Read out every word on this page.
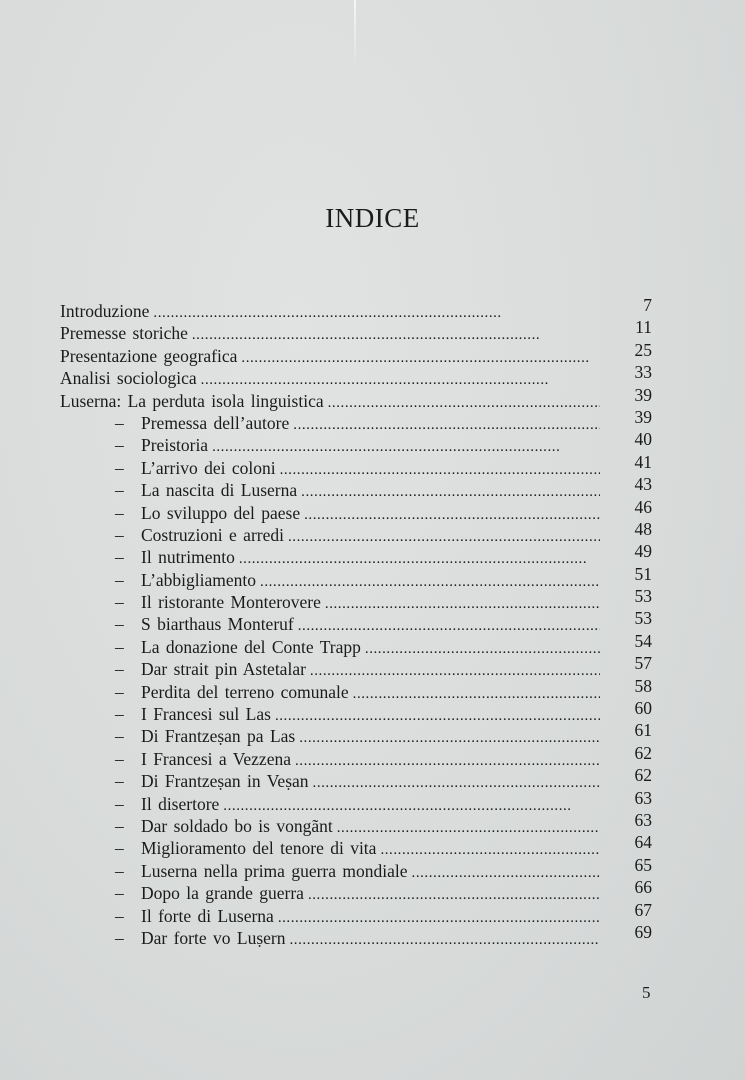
INDICE
Introduzione . . .	7
Premesse storiche . . .	11
Presentazione geografica . . .	25
Analisi sociologica . . .	33
Luserna: La perduta isola linguistica . . .	39
– Premessa dell’autore . . .	39
– Preistoria . . .	40
– L’arrivo dei coloni . . .	41
– La nascita di Luserna . . .	43
– Lo sviluppo del paese . . .	46
– Costruzioni e arredi . . .	48
– Il nutrimento . . .	49
– L’abbigliamento . . .	51
– Il ristorante Monterovere . . .	53
– S biarthaus Monteruf . . .	53
– La donazione del Conte Trapp . . .	54
– Dar strait pin Astetalar . . .	57
– Perdita del terreno comunale . . .	58
– I Francesi sul Las . . .	60
– Di Frantzeṣan pa Las . . .	61
– I Francesi a Vezzena . . .	62
– Di Frantzeṣan in Veṣan . . .	62
– Il disertore . . .	63
– Dar soldado bo is vongãnt . . .	63
– Miglioramento del tenore di vita . . .	64
– Luserna nella prima guerra mondiale . . .	65
– Dopo la grande guerra . . .	66
– Il forte di Luserna . . .	67
– Dar forte vo Luṣern . . .	69
5
